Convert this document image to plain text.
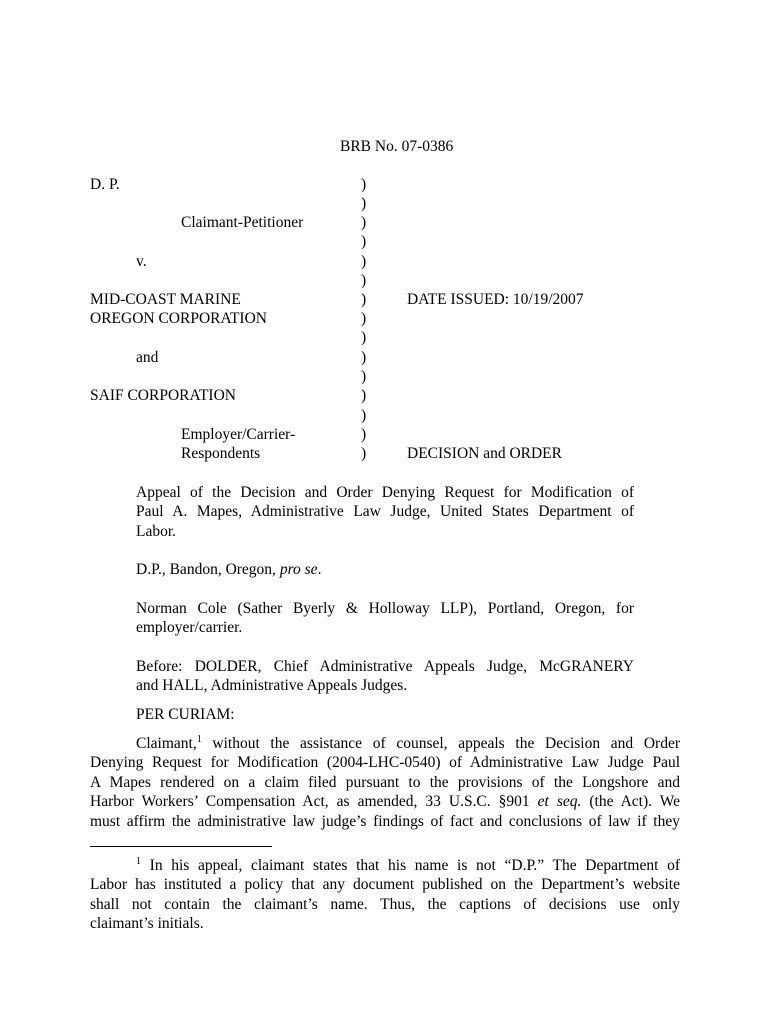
BRB No. 07-0386
D. P.
Claimant-Petitioner
v.
MID-COAST MARINE
OREGON CORPORATION
and
SAIF CORPORATION
Employer/Carrier-
Respondents
)
)
)
)
)
)
)
)
)
)
)
)
)
)
)
DATE ISSUED: 10/19/2007
DECISION and ORDER
Appeal of the Decision and Order Denying Request for Modification of
Paul A. Mapes, Administrative Law Judge, United States Department of
Labor.
D.P., Bandon, Oregon, pro se.
Norman Cole (Sather Byerly & Holloway LLP), Portland, Oregon, for
employer/carrier.
Before: DOLDER, Chief Administrative Appeals Judge, McGRANERY
and HALL, Administrative Appeals Judges.
PER CURIAM:
Claimant,$^1$ without the assistance of counsel, appeals the Decision and Order
Denying Request for Modification (2004-LHC-0540) of Administrative Law Judge Paul
A Mapes rendered on a claim filed pursuant to the provisions of the Longshore and
Harbor Workers’ Compensation Act, as amended, 33 U.S.C. §901 et seq. (the Act). We
must affirm the administrative law judge’s findings of fact and conclusions of law if they
$^1$ In his appeal, claimant states that his name is not “D.P.” The Department of
Labor has instituted a policy that any document published on the Department’s website
shall not contain the claimant’s name. Thus, the captions of decisions use only
claimant’s initials.
